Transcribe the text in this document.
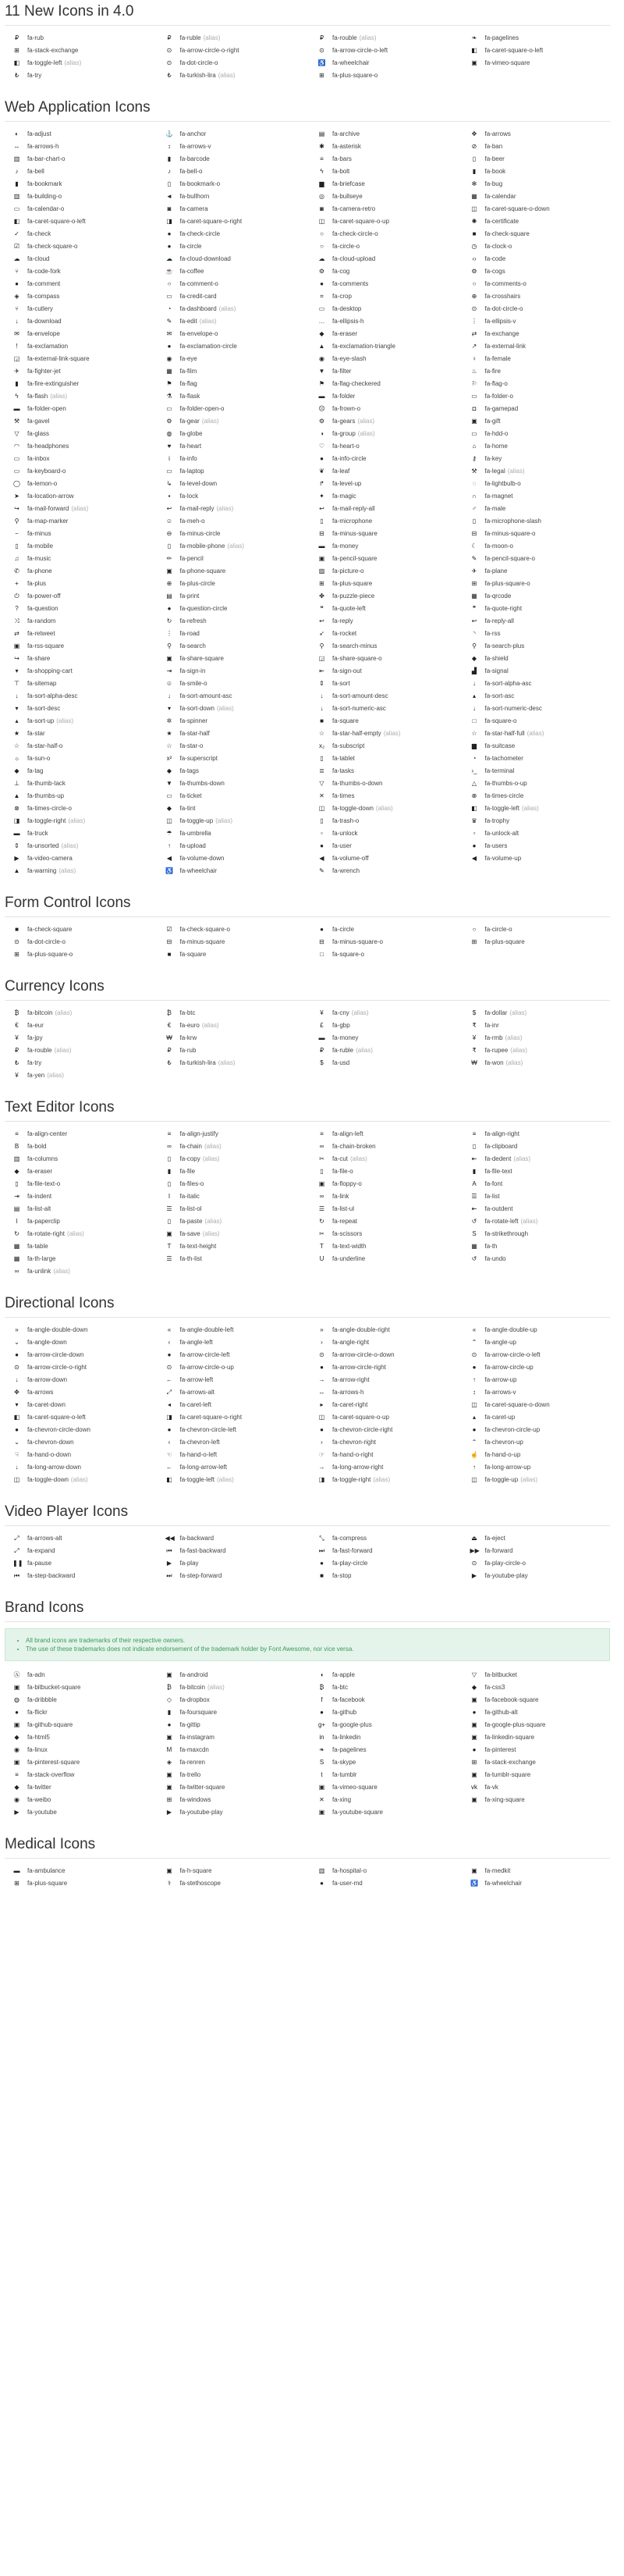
11 New Icons in 4.0
₽ fa-rub	₽ fa-ruble (alias)	₽ fa-rouble (alias)	❧ fa-pagelines
⊞ fa-stack-exchange	⊙ fa-arrow-circle-o-right	⊙ fa-arrow-circle-o-left	◧ fa-caret-square-o-left
◧ fa-toggle-left (alias)	⊙ fa-dot-circle-o	♿ fa-wheelchair	▣ fa-vimeo-square
₺ fa-try	₺ fa-turkish-lira (alias)	⊞ fa-plus-square-o
Web Application Icons
◐ fa-adjust	⚓ fa-anchor	▤ fa-archive	✥ fa-arrows
↔ fa-arrows-h	↕ fa-arrows-v	✱ fa-asterisk	⊘ fa-ban
▥ fa-bar-chart-o	▮ fa-barcode	≡ fa-bars	▯ fa-beer
♪ fa-bell	♪ fa-bell-o	ϟ fa-bolt	▮ fa-book
▮ fa-bookmark	▯ fa-bookmark-o	▆ fa-briefcase	✻ fa-bug
▥ fa-building-o	◄ fa-bullhorn	◎ fa-bullseye	▦ fa-calendar
▭ fa-calendar-o	◙ fa-camera	◙ fa-camera-retro	◫ fa-caret-square-o-down
◧ fa-caret-square-o-left	◨ fa-caret-square-o-right	◫ fa-caret-square-o-up	✺ fa-certificate
✓ fa-check	● fa-check-circle	○ fa-check-circle-o	■ fa-check-square
☑ fa-check-square-o	● fa-circle	○ fa-circle-o	◷ fa-clock-o
☁ fa-cloud	☁ fa-cloud-download	☁ fa-cloud-upload	‹› fa-code
⑂ fa-code-fork	☕ fa-coffee	⚙ fa-cog	⚙ fa-cogs
● fa-comment	○ fa-comment-o	● fa-comments	○ fa-comments-o
◈ fa-compass	▭ fa-credit-card	⌗ fa-crop	⊕ fa-crosshairs
⑂ fa-cutlery	◔ fa-dashboard (alias)	▭ fa-desktop	⊙ fa-dot-circle-o
↓ fa-download	✎ fa-edit (alias)	… fa-ellipsis-h	⋮ fa-ellipsis-v
✉ fa-envelope	✉ fa-envelope-o	◆ fa-eraser	⇄ fa-exchange
! fa-exclamation	● fa-exclamation-circle	▲ fa-exclamation-triangle	↗ fa-external-link
◲ fa-external-link-square	◉ fa-eye	◉ fa-eye-slash	♀ fa-female
✈ fa-fighter-jet	▦ fa-film	▼ fa-filter	♨ fa-fire
▮ fa-fire-extinguisher	⚑ fa-flag	⚑ fa-flag-checkered	⚐ fa-flag-o
ϟ fa-flash (alias)	⚗ fa-flask	▬ fa-folder	▭ fa-folder-o
▬ fa-folder-open	▭ fa-folder-open-o	☹ fa-frown-o	◘ fa-gamepad
⚒ fa-gavel	⚙ fa-gear (alias)	⚙ fa-gears (alias)	▣ fa-gift
▽ fa-glass	◍ fa-globe	◑ fa-group (alias)	▭ fa-hdd-o
◠ fa-headphones	♥ fa-heart	♡ fa-heart-o	⌂ fa-home
▭ fa-inbox	i fa-info	● fa-info-circle	⚷ fa-key
▭ fa-keyboard-o	▭ fa-laptop	❦ fa-leaf	⚒ fa-legal (alias)
◯ fa-lemon-o	↳ fa-level-down	↱ fa-level-up	◌ fa-lightbulb-o
➤ fa-location-arrow	▪ fa-lock	✦ fa-magic	∩ fa-magnet
↪ fa-mail-forward (alias)	↩ fa-mail-reply (alias)	↩ fa-mail-reply-all	♂ fa-male
⚲ fa-map-marker	☺ fa-meh-o	▯ fa-microphone	▯ fa-microphone-slash
− fa-minus	⊖ fa-minus-circle	⊟ fa-minus-square	⊟ fa-minus-square-o
▯ fa-mobile	▯ fa-mobile-phone (alias)	▬ fa-money	☾ fa-moon-o
♫ fa-music	✏ fa-pencil	▣ fa-pencil-square	✎ fa-pencil-square-o
✆ fa-phone	▣ fa-phone-square	▨ fa-picture-o	✈ fa-plane
+ fa-plus	⊕ fa-plus-circle	⊞ fa-plus-square	⊞ fa-plus-square-o
⏻ fa-power-off	▤ fa-print	✤ fa-puzzle-piece	▦ fa-qrcode
? fa-question	● fa-question-circle	❝ fa-quote-left	❞ fa-quote-right
⤨ fa-random	↻ fa-refresh	↩ fa-reply	↩ fa-reply-all
⇄ fa-retweet	⋮ fa-road	➶ fa-rocket	◝ fa-rss
▣ fa-rss-square	⚲ fa-search	⚲ fa-search-minus	⚲ fa-search-plus
↪ fa-share	▣ fa-share-square	◲ fa-share-square-o	◆ fa-shield
▾ fa-shopping-cart	⇥ fa-sign-in	⇤ fa-sign-out	▟ fa-signal
⊤ fa-sitemap	☺ fa-smile-o	⇕ fa-sort	↓ fa-sort-alpha-asc
↓ fa-sort-alpha-desc	↓ fa-sort-amount-asc	↓ fa-sort-amount-desc	▴ fa-sort-asc
▾ fa-sort-desc	▾ fa-sort-down (alias)	↓ fa-sort-numeric-asc	↓ fa-sort-numeric-desc
▴ fa-sort-up (alias)	✲ fa-spinner	■ fa-square	□ fa-square-o
★ fa-star	★ fa-star-half	☆ fa-star-half-empty (alias)	☆ fa-star-half-full (alias)
☆ fa-star-half-o	☆ fa-star-o	x₂ fa-subscript	▆ fa-suitcase
☼ fa-sun-o	x² fa-superscript	▯ fa-tablet	◔ fa-tachometer
◆ fa-tag	◆ fa-tags	≣ fa-tasks	›_ fa-terminal
⊥ fa-thumb-tack	▼ fa-thumbs-down	▽ fa-thumbs-o-down	△ fa-thumbs-o-up
▲ fa-thumbs-up	▭ fa-ticket	✕ fa-times	⊗ fa-times-circle
⊗ fa-times-circle-o	◆ fa-tint	◫ fa-toggle-down (alias)	◧ fa-toggle-left (alias)
◨ fa-toggle-right (alias)	◫ fa-toggle-up (alias)	▯ fa-trash-o	♛ fa-trophy
▬ fa-truck	☂ fa-umbrella	▫ fa-unlock	▫ fa-unlock-alt
⇕ fa-unsorted (alias)	↑ fa-upload	● fa-user	● fa-users
▶ fa-video-camera	◀ fa-volume-down	◀ fa-volume-off	◀ fa-volume-up
▲ fa-warning (alias)	♿ fa-wheelchair	✎ fa-wrench
Form Control Icons
■ fa-check-square	☑ fa-check-square-o	● fa-circle	○ fa-circle-o
⊙ fa-dot-circle-o	⊟ fa-minus-square	⊟ fa-minus-square-o	⊞ fa-plus-square
⊞ fa-plus-square-o	■ fa-square	□ fa-square-o
Currency Icons
₿ fa-bitcoin (alias)	₿ fa-btc	¥ fa-cny (alias)	$ fa-dollar (alias)
€ fa-eur	€ fa-euro (alias)	£ fa-gbp	₹ fa-inr
¥ fa-jpy	₩ fa-krw	▬ fa-money	¥ fa-rmb (alias)
₽ fa-rouble (alias)	₽ fa-rub	₽ fa-ruble (alias)	₹ fa-rupee (alias)
₺ fa-try	₺ fa-turkish-lira (alias)	$ fa-usd	₩ fa-won (alias)
¥ fa-yen (alias)
Text Editor Icons
≡ fa-align-center	≡ fa-align-justify	≡ fa-align-left	≡ fa-align-right
B fa-bold	∞ fa-chain (alias)	∞ fa-chain-broken	▯ fa-clipboard
▥ fa-columns	▯ fa-copy (alias)	✂ fa-cut (alias)	⇤ fa-dedent (alias)
◆ fa-eraser	▮ fa-file	▯ fa-file-o	▮ fa-file-text
▯ fa-file-text-o	▯ fa-files-o	▣ fa-floppy-o	A fa-font
⇥ fa-indent	I fa-italic	∞ fa-link	☰ fa-list
▤ fa-list-alt	☰ fa-list-ol	☰ fa-list-ul	⇤ fa-outdent
⌇ fa-paperclip	▯ fa-paste (alias)	↻ fa-repeat	↺ fa-rotate-left (alias)
↻ fa-rotate-right (alias)	▣ fa-save (alias)	✂ fa-scissors	S fa-strikethrough
▦ fa-table	T fa-text-height	T fa-text-width	▦ fa-th
▦ fa-th-large	☰ fa-th-list	U fa-underline	↺ fa-undo
∞ fa-unlink (alias)
Directional Icons
» fa-angle-double-down	« fa-angle-double-left	» fa-angle-double-right	« fa-angle-double-up
⌄ fa-angle-down	‹ fa-angle-left	› fa-angle-right	⌃ fa-angle-up
● fa-arrow-circle-down	● fa-arrow-circle-left	⊙ fa-arrow-circle-o-down	⊙ fa-arrow-circle-o-left
⊙ fa-arrow-circle-o-right	⊙ fa-arrow-circle-o-up	● fa-arrow-circle-right	● fa-arrow-circle-up
↓ fa-arrow-down	← fa-arrow-left	→ fa-arrow-right	↑ fa-arrow-up
✥ fa-arrows	⤢ fa-arrows-alt	↔ fa-arrows-h	↕ fa-arrows-v
▾ fa-caret-down	◂ fa-caret-left	▸ fa-caret-right	◫ fa-caret-square-o-down
◧ fa-caret-square-o-left	◨ fa-caret-square-o-right	◫ fa-caret-square-o-up	▴ fa-caret-up
● fa-chevron-circle-down	● fa-chevron-circle-left	● fa-chevron-circle-right	● fa-chevron-circle-up
⌄ fa-chevron-down	‹ fa-chevron-left	› fa-chevron-right	⌃ fa-chevron-up
☟ fa-hand-o-down	☜ fa-hand-o-left	☞ fa-hand-o-right	☝ fa-hand-o-up
↓ fa-long-arrow-down	← fa-long-arrow-left	→ fa-long-arrow-right	↑ fa-long-arrow-up
◫ fa-toggle-down (alias)	◧ fa-toggle-left (alias)	◨ fa-toggle-right (alias)	◫ fa-toggle-up (alias)
Video Player Icons
⤢ fa-arrows-alt	◀◀ fa-backward	⤡ fa-compress	⏏ fa-eject
⤢ fa-expand	⏮ fa-fast-backward	⏭ fa-fast-forward	▶▶ fa-forward
❚❚ fa-pause	▶ fa-play	● fa-play-circle	⊙ fa-play-circle-o
⏮ fa-step-backward	⏭ fa-step-forward	■ fa-stop	▶ fa-youtube-play
Brand Icons
• All brand icons are trademarks of their respective owners.
• The use of these trademarks does not indicate endorsement of the trademark holder by Font Awesome, nor vice versa.
Ⓐ fa-adn	▣ fa-android	◖ fa-apple	▽ fa-bitbucket
▣ fa-bitbucket-square	₿ fa-bitcoin (alias)	₿ fa-btc	◆ fa-css3
◍ fa-dribbble	◇ fa-dropbox	f fa-facebook	▣ fa-facebook-square
● fa-flickr	▮ fa-foursquare	● fa-github	● fa-github-alt
▣ fa-github-square	● fa-gittip	g+ fa-google-plus	▣ fa-google-plus-square
◆ fa-html5	▣ fa-instagram	in fa-linkedin	▣ fa-linkedin-square
◉ fa-linux	M fa-maxcdn	❧ fa-pagelines	● fa-pinterest
▣ fa-pinterest-square	◈ fa-renren	S fa-skype	⊞ fa-stack-exchange
≡ fa-stack-overflow	▣ fa-trello	t fa-tumblr	▣ fa-tumblr-square
◆ fa-twitter	▣ fa-twitter-square	▣ fa-vimeo-square	vk fa-vk
◉ fa-weibo	⊞ fa-windows	✕ fa-xing	▣ fa-xing-square
▶ fa-youtube	▶ fa-youtube-play	▣ fa-youtube-square
Medical Icons
▬ fa-ambulance	▣ fa-h-square	▥ fa-hospital-o	▣ fa-medkit
⊞ fa-plus-square	⚕ fa-stethoscope	● fa-user-md	♿ fa-wheelchair
